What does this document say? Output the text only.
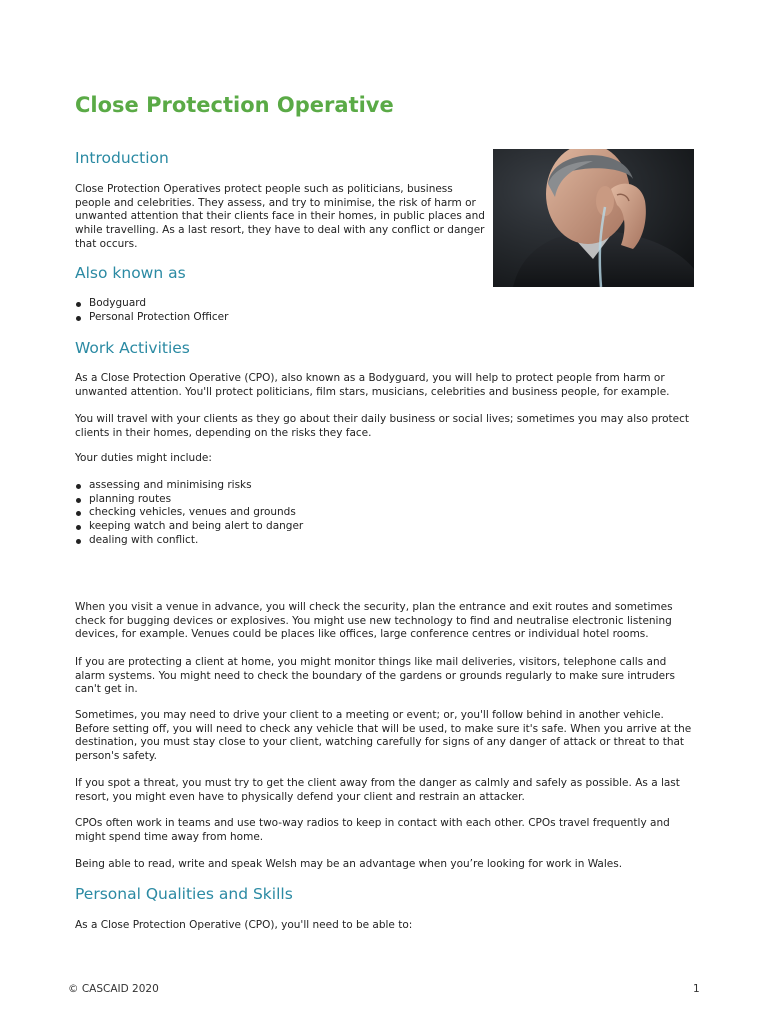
Close Protection Operative
Introduction

Close Protection Operatives protect people such as politicians, business people and celebrities. They assess, and try to minimise, the risk of harm or unwanted attention that their clients face in their homes, in public places and while travelling. As a last resort, they have to deal with any conflict or danger that occurs.

Also known as
Bodyguard
Personal Protection Officer
Work Activities

As a Close Protection Operative (CPO), also known as a Bodyguard, you will help to protect people from harm or unwanted attention. You'll protect politicians, film stars, musicians, celebrities and business people, for example.

You will travel with your clients as they go about their daily business or social lives; sometimes you may also protect clients in their homes, depending on the risks they face.

Your duties might include:

assessing and minimising risks
planning routes
checking vehicles, venues and grounds
keeping watch and being alert to danger
dealing with conflict.

When you visit a venue in advance, you will check the security, plan the entrance and exit routes and sometimes check for bugging devices or explosives. You might use new technology to find and neutralise electronic listening devices, for example. Venues could be places like offices, large conference centres or individual hotel rooms.

If you are protecting a client at home, you might monitor things like mail deliveries, visitors, telephone calls and alarm systems. You might need to check the boundary of the gardens or grounds regularly to make sure intruders can't get in.

Sometimes, you may need to drive your client to a meeting or event; or, you'll follow behind in another vehicle. Before setting off, you will need to check any vehicle that will be used, to make sure it's safe. When you arrive at the destination, you must stay close to your client, watching carefully for signs of any danger of attack or threat to that person's safety.

If you spot a threat, you must try to get the client away from the danger as calmly and safely as possible. As a last resort, you might even have to physically defend your client and restrain an attacker.

CPOs often work in teams and use two-way radios to keep in contact with each other. CPOs travel frequently and might spend time away from home.

Being able to read, write and speak Welsh may be an advantage when you’re looking for work in Wales.

Personal Qualities and Skills

As a Close Protection Operative (CPO), you'll need to be able to:

© CASCAID 2020	1
